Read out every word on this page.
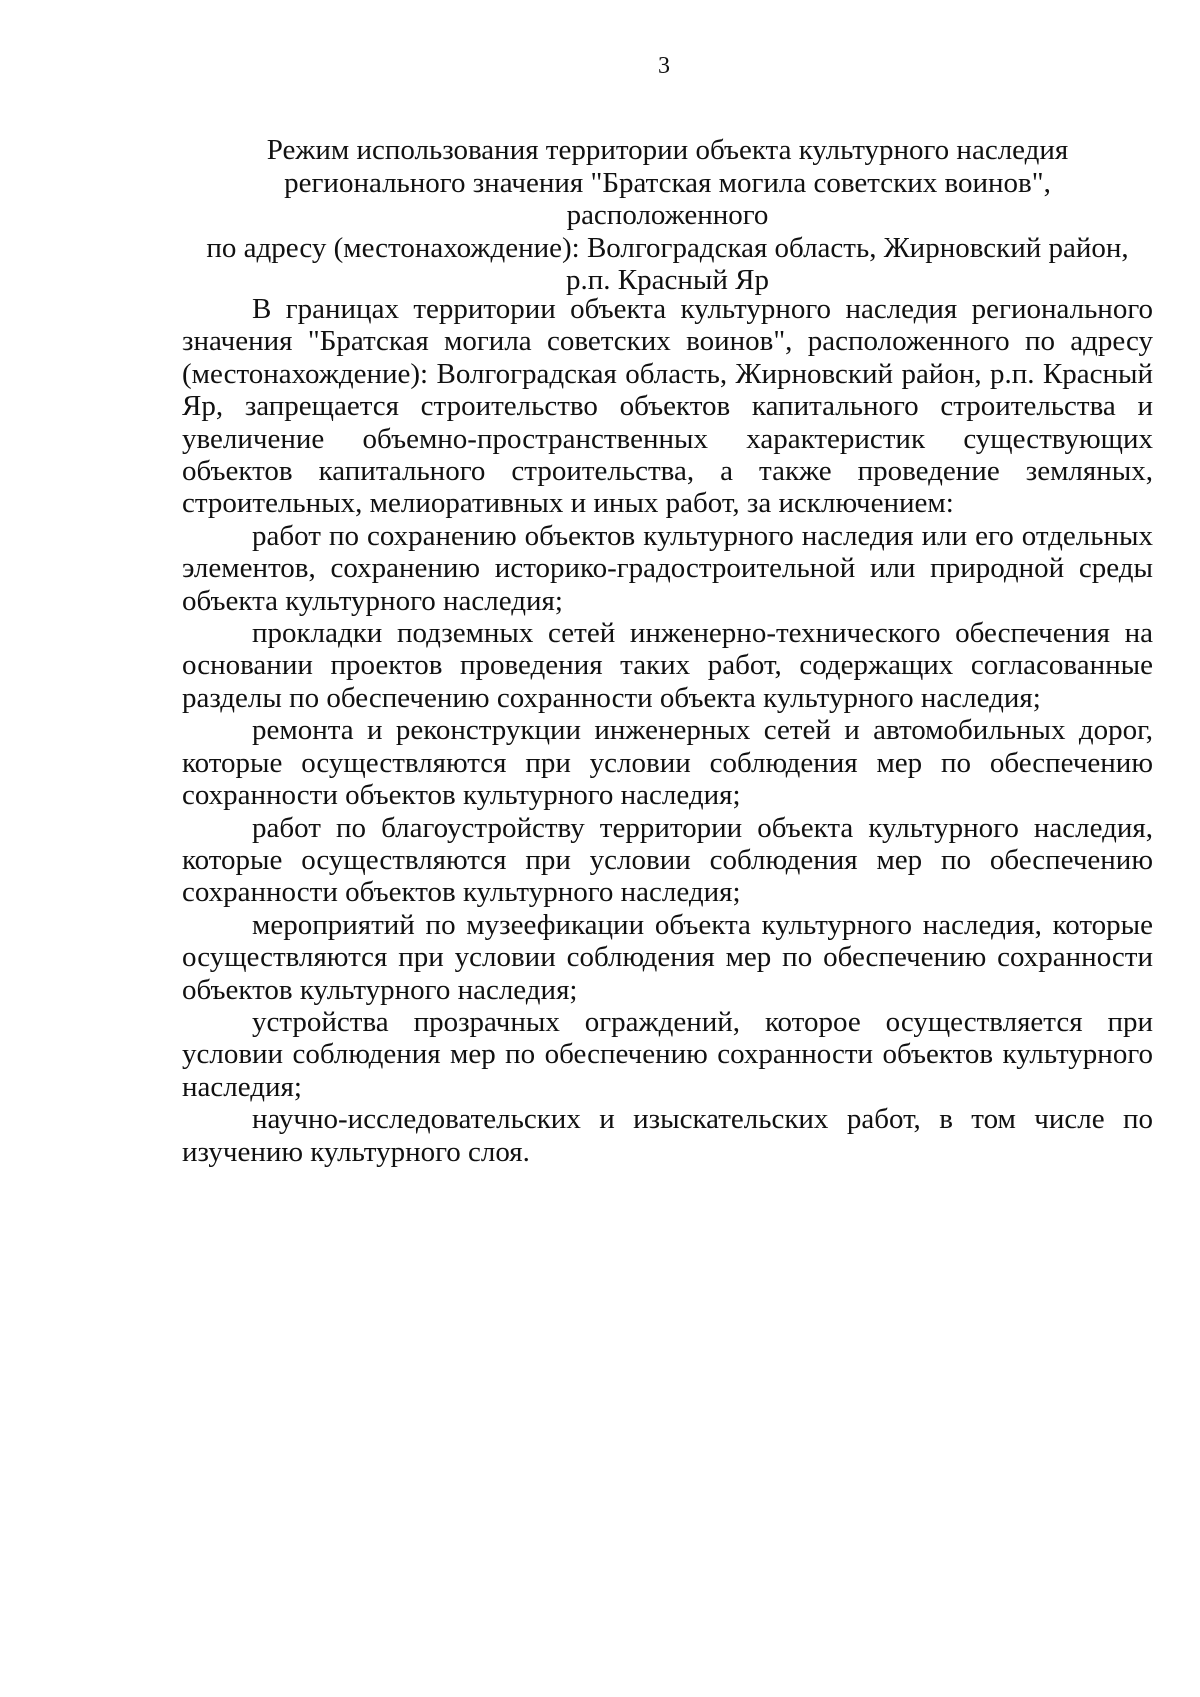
3
Режим использования территории объекта культурного наследия
регионального значения "Братская могила советских воинов", расположенного
по адресу (местонахождение): Волгоградская область, Жирновский район,
р.п. Красный Яр

В границах территории объекта культурного наследия регионального значения "Братская могила советских воинов", расположенного по адресу (местонахождение): Волгоградская область, Жирновский район, р.п. Красный Яр, запрещается строительство объектов капитального строительства и увеличение объемно-пространственных характеристик существующих объектов капитального строительства, а также проведение земляных, строительных, мелиоративных и иных работ, за исключением:

работ по сохранению объектов культурного наследия или его отдельных элементов, сохранению историко-градостроительной или природной среды объекта культурного наследия;

прокладки подземных сетей инженерно-технического обеспечения на основании проектов проведения таких работ, содержащих согласованные разделы по обеспечению сохранности объекта культурного наследия;

ремонта и реконструкции инженерных сетей и автомобильных дорог, которые осуществляются при условии соблюдения мер по обеспечению сохранности объектов культурного наследия;

работ по благоустройству территории объекта культурного наследия, которые осуществляются при условии соблюдения мер по обеспечению сохранности объектов культурного наследия;

мероприятий по музеефикации объекта культурного наследия, которые осуществляются при условии соблюдения мер по обеспечению сохранности объектов культурного наследия;

устройства прозрачных ограждений, которое осуществляется при условии соблюдения мер по обеспечению сохранности объектов культурного наследия;

научно-исследовательских и изыскательских работ, в том числе по изучению культурного слоя.
